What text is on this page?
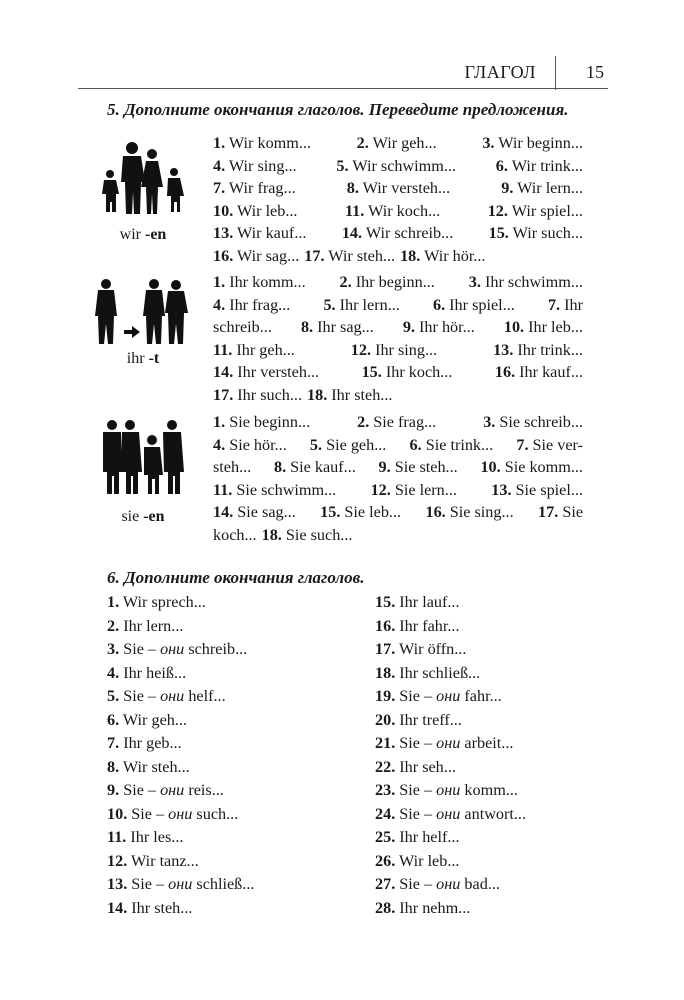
ГЛАГОЛ	15
5. Дополните окончания глаголов. Переведите предложения.
wir -en
ihr -t
sie -en
1. Wir komm...	2. Wir geh...	3. Wir beginn...
4. Wir sing... 5. Wir schwimm... 6. Wir trink...
7. Wir frag...	8. Wir versteh...	9. Wir lern...
10. Wir leb...	11. Wir koch...	12. Wir spiel...
13. Wir kauf... 14. Wir schreib... 15. Wir such...
16. Wir sag... 17. Wir steh... 18. Wir hör...
1. Ihr komm... 2. Ihr beginn... 3. Ihr schwimm...
4. Ihr frag... 5. Ihr lern... 6. Ihr spiel... 7. Ihr
schreib... 8. Ihr sag... 9. Ihr hör... 10. Ihr leb...
11. Ihr geh...	12. Ihr sing...	13. Ihr trink...
14. Ihr versteh...	15. Ihr koch...	16. Ihr kauf...
17. Ihr such... 18. Ihr steh...
1. Sie beginn...	2. Sie frag...	3. Sie schreib...
4. Sie hör... 5. Sie geh... 6. Sie trink... 7. Sie ver-
steh... 8. Sie kauf... 9. Sie steh... 10. Sie komm...
11. Sie schwimm... 12. Sie lern... 13. Sie spiel...
14. Sie sag... 15. Sie leb... 16. Sie sing... 17. Sie
koch... 18. Sie such...
6. Дополните окончания глаголов.
1. Wir sprech...
2. Ihr lern...
3. Sie – они schreib...
4. Ihr heiß...
5. Sie – они helf...
6. Wir geh...
7. Ihr geb...
8. Wir steh...
9. Sie – они reis...
10. Sie – они such...
11. Ihr les...
12. Wir tanz...
13. Sie – они schließ...
14. Ihr steh...
15. Ihr lauf...
16. Ihr fahr...
17. Wir öffn...
18. Ihr schließ...
19. Sie – они fahr...
20. Ihr treff...
21. Sie – они arbeit...
22. Ihr seh...
23. Sie – они komm...
24. Sie – они antwort...
25. Ihr helf...
26. Wir leb...
27. Sie – они bad...
28. Ihr nehm...
